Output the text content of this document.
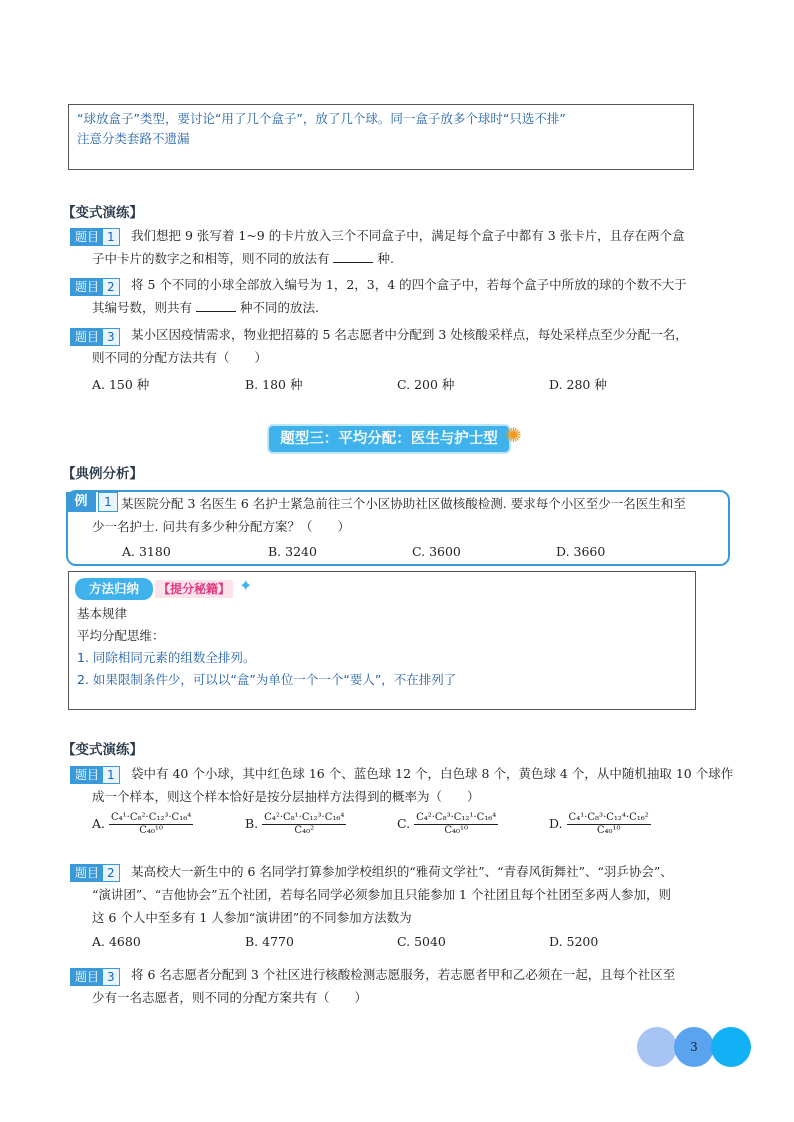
“球放盒子”类型，要讨论“用了几个盒子”，放了几个球。同一盒子放多个球时“只选不排”
注意分类套路不遗漏
【变式演练】
题目 1	我们想把 9 张写着 1~9 的卡片放入三个不同盒子中，满足每个盒子中都有 3 张卡片，且存在两个盒
子中卡片的数字之和相等，则不同的放法有	种.
题目 2	将 5 个不同的小球全部放入编号为 1，2，3，4 的四个盒子中，若每个盒子中所放的球的个数不大于
其编号数，则共有	种不同的放法.
题目 3	某小区因疫情需求，物业把招募的 5 名志愿者中分配到 3 处核酸采样点，每处采样点至少分配一名，
则不同的分配方法共有（　　）
A. 150 种	B. 180 种	C. 200 种	D. 280 种
题型三：平均分配：医生与护士型 ✺
【典例分析】
例	1 某医院分配 3 名医生 6 名护士紧急前往三个小区协助社区做核酸检测. 要求每个小区至少一名医生和至
少一名护士. 问共有多少种分配方案？（　　）
A. 3180	B. 3240	C. 3600	D. 3660
方法归纳	【提分秘籍】 ✦
基本规律
平均分配思维：
1. 同除相同元素的组数全排列。
2. 如果限制条件少，可以以“盒”为单位一个一个“要人”，不在排列了
【变式演练】
题目 1	袋中有 40 个小球，其中红色球 16 个、蓝色球 12 个，白色球 8 个，黄色球 4 个，从中随机抽取 10 个球作
成一个样本，则这个样本恰好是按分层抽样方法得到的概率为（　　）
A. $\frac{\text{C₄¹·C₈²·C₁₂³·C₁₆⁴}}{\text{C₄₀¹⁰}}$	B. $\frac{\text{C₄²·C₈¹·C₁₂³·C₁₆⁴}}{\text{C₄₀²}}$	C. $\frac{\text{C₄²·C₈³·C₁₂¹·C₁₆⁴}}{\text{C₄₀¹⁰}}$	D. $\frac{\text{C₄¹·C₈³·C₁₂⁴·C₁₆²}}{\text{C₄₀¹⁰}}$
题目 2	某高校大一新生中的 6 名同学打算参加学校组织的“雅荷文学社”、“青春风街舞社”、“羽乒协会”、
“演讲团”、“吉他协会”五个社团，若每名同学必须参加且只能参加 1 个社团且每个社团至多两人参加，则
这 6 个人中至多有 1 人参加“演讲团”的不同参加方法数为
A. 4680	B. 4770	C. 5040	D. 5200
题目 3	将 6 名志愿者分配到 3 个社区进行核酸检测志愿服务，若志愿者甲和乙必须在一起，且每个社区至
少有一名志愿者，则不同的分配方案共有（　　）
3
